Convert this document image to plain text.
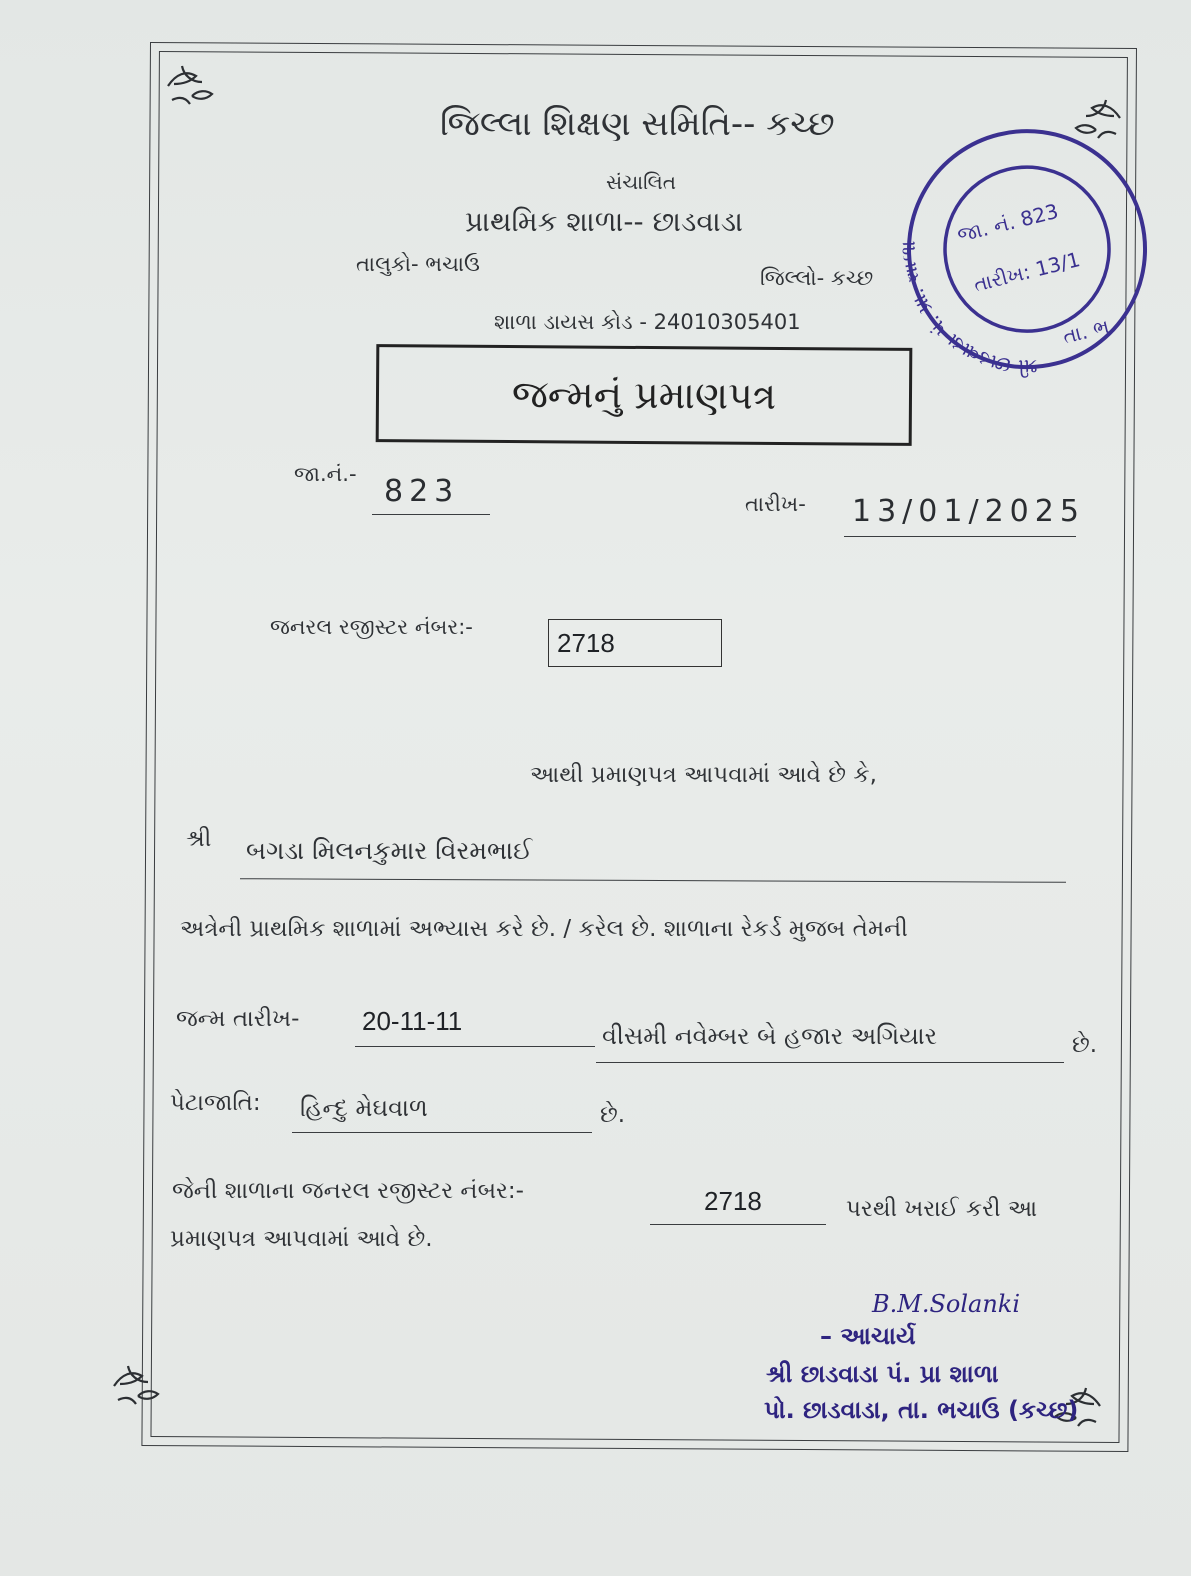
જિલ્લા શિક્ષણ સમિતિ-- કચ્છ
સંચાલિત
પ્રાથમિક શાળા-- છાડવાડા
તાલુકો- ભચાઉ
જિલ્લો- કચ્છ
શાળા ડાયસ કોડ - 24010305401
જન્મનું પ્રમાણપત્ર
જા.નં.- 823	તારીખ- 13/01/2025
જનરલ રજીસ્ટર નંબર:-
2718
આથી પ્રમાણપત્ર આપવામાં આવે છે કે,
શ્રી બગડા મિલનકુમાર વિરમભાઈ
અત્રેની પ્રાથમિક શાળામાં અભ્યાસ કરે છે. / કરેલ છે. શાળાના રેકર્ડ મુજબ તેમની
જન્મ તારીખ- 20-11-11	વીસમી નવેમ્બર બે હજાર અગિયાર	છે.
પેટાજાતિ: હિન્દુ મેઘવાળ	છે.
જેની શાળાના જનરલ રજીસ્ટર નંબર:-	2718	પરથી ખરાઈ કરી આ
પ્રમાણપત્ર આપવામાં આવે છે.
B.M.Solanki
– આચાર્ય
શ્રી છાડવાડા પં. પ્રા શાળા
પો. છાડવાડા, તા. ભચાઉ (કચ્છ)
શ્રી છાડવાડા પં. પ્રા. શાળા
જા. નં. 823
તારીખ: 13/1
તા. ભ.
